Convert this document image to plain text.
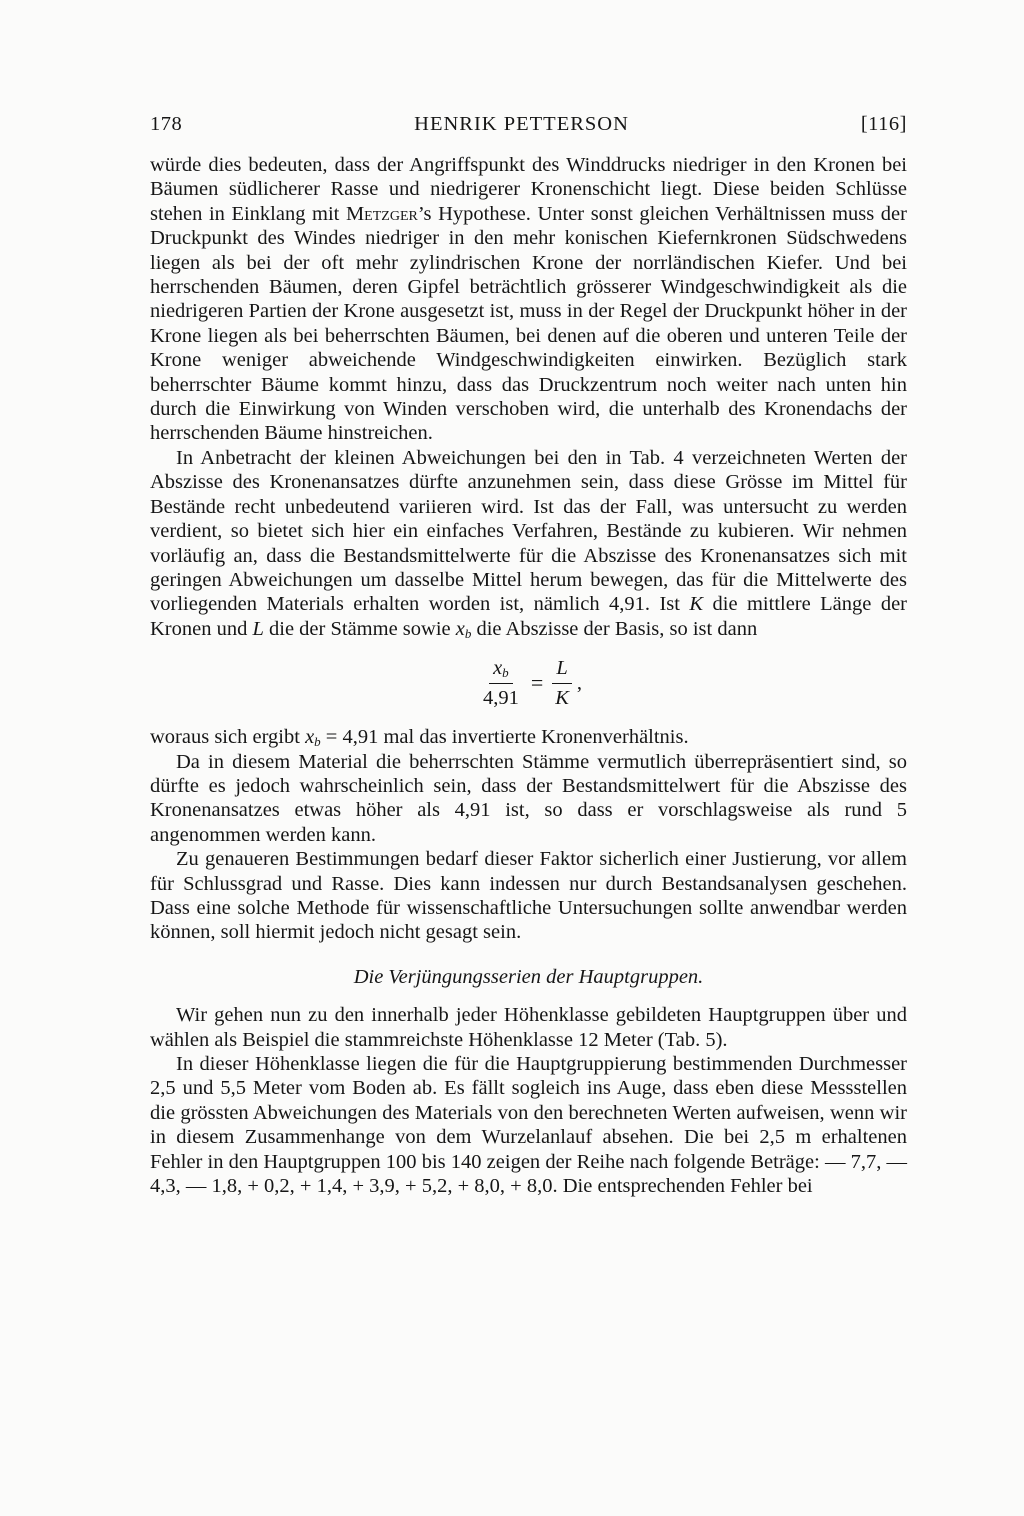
178	HENRIK PETTERSON	[116]

würde dies bedeuten, dass der Angriffspunkt des Winddrucks niedriger in den Kronen bei Bäumen südlicherer Rasse und niedrigerer Kronenschicht liegt. Diese beiden Schlüsse stehen in Einklang mit Metzger’s Hypothese. Unter sonst gleichen Verhältnissen muss der Druckpunkt des Windes niedriger in den mehr konischen Kiefernkronen Südschwedens liegen als bei der oft mehr zylindrischen Krone der norrländischen Kiefer. Und bei herrschenden Bäumen, deren Gipfel beträchtlich grösserer Windgeschwindigkeit als die niedrigeren Partien der Krone ausgesetzt ist, muss in der Regel der Druckpunkt höher in der Krone liegen als bei beherrschten Bäumen, bei denen auf die oberen und unteren Teile der Krone weniger abweichende Windgeschwindigkeiten einwirken. Bezüglich stark beherrschter Bäume kommt hinzu, dass das Druckzentrum noch weiter nach unten hin durch die Einwirkung von Winden verschoben wird, die unterhalb des Kronendachs der herrschenden Bäume hinstreichen.

In Anbetracht der kleinen Abweichungen bei den in Tab. 4 verzeichneten Werten der Abszisse des Kronenansatzes dürfte anzunehmen sein, dass diese Grösse im Mittel für Bestände recht unbedeutend variieren wird. Ist das der Fall, was untersucht zu werden verdient, so bietet sich hier ein einfaches Verfahren, Bestände zu kubieren. Wir nehmen vorläufig an, dass die Bestandsmittelwerte für die Abszisse des Kronenansatzes sich mit geringen Abweichungen um dasselbe Mittel herum bewegen, das für die Mittelwerte des vorliegenden Materials erhalten worden ist, nämlich 4,91. Ist K die mittlere Länge der Kronen und L die der Stämme sowie $x_b$ die Abszisse der Basis, so ist dann

$\frac{x_b}{4,91} = \frac{L}{K}$ ,

woraus sich ergibt $x_b = 4,91$ mal das invertierte Kronenverhältnis.

Da in diesem Material die beherrschten Stämme vermutlich überrepräsentiert sind, so dürfte es jedoch wahrscheinlich sein, dass der Bestandsmittelwert für die Abszisse des Kronenansatzes etwas höher als 4,91 ist, so dass er vorschlagsweise als rund 5 angenommen werden kann.

Zu genaueren Bestimmungen bedarf dieser Faktor sicherlich einer Justierung, vor allem für Schlussgrad und Rasse. Dies kann indessen nur durch Bestandsanalysen geschehen. Dass eine solche Methode für wissenschaftliche Untersuchungen sollte anwendbar werden können, soll hiermit jedoch nicht gesagt sein.

Die Verjüngungsserien der Hauptgruppen.

Wir gehen nun zu den innerhalb jeder Höhenklasse gebildeten Hauptgruppen über und wählen als Beispiel die stammreichste Höhenklasse 12 Meter (Tab. 5).

In dieser Höhenklasse liegen die für die Hauptgruppierung bestimmenden Durchmesser 2,5 und 5,5 Meter vom Boden ab. Es fällt sogleich ins Auge, dass eben diese Messstellen die grössten Abweichungen des Materials von den berechneten Werten aufweisen, wenn wir in diesem Zusammenhange von dem Wurzelanlauf absehen. Die bei 2,5 m erhaltenen Fehler in den Hauptgruppen 100 bis 140 zeigen der Reihe nach folgende Beträge: — 7,7, — 4,3, — 1,8, + 0,2, + 1,4, + 3,9, + 5,2, + 8,0, + 8,0. Die entsprechenden Fehler bei
